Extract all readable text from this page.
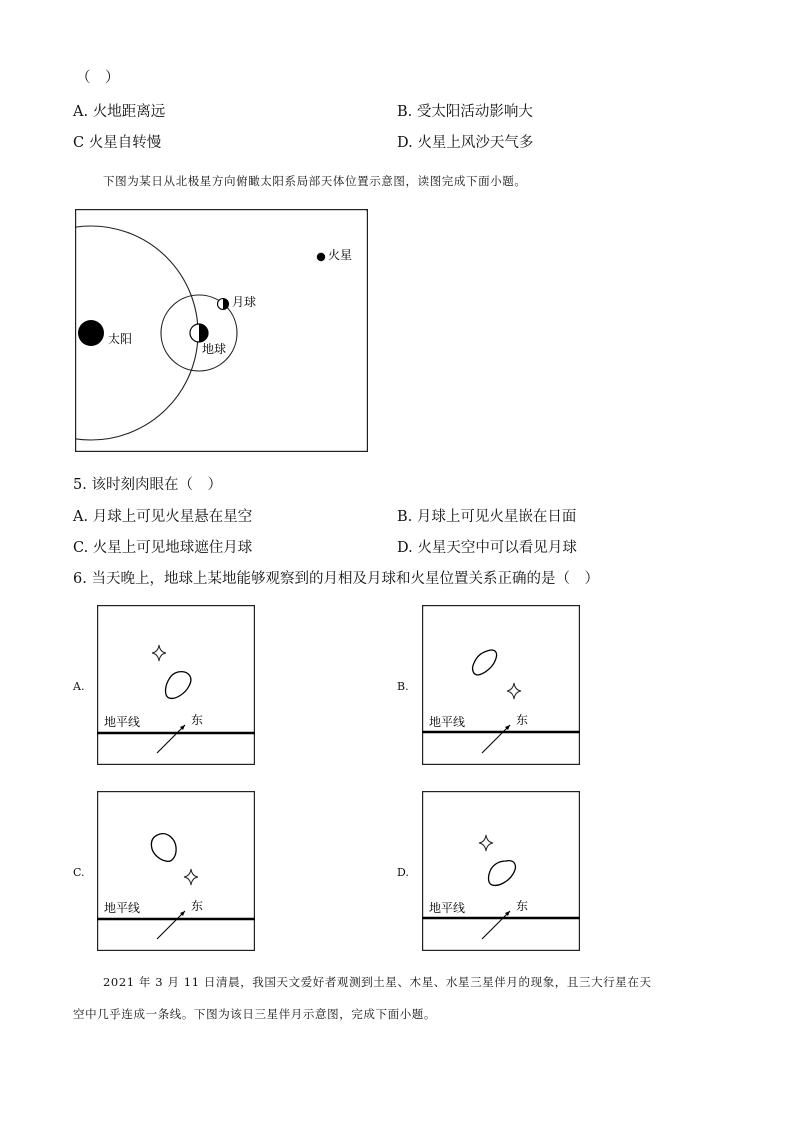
（　）
A. 火地距离远	B. 受太阳活动影响大
C 火星自转慢	D. 火星上风沙天气多
下图为某日从北极星方向俯瞰太阳系局部天体位置示意图，读图完成下面小题。
太阳
地球
月球
火星
5. 该时刻肉眼在（　）
A. 月球上可见火星悬在星空	B. 月球上可见火星嵌在日面
C. 火星上可见地球遮住月球	D. 火星天空中可以看见月球
6. 当天晚上，地球上某地能够观察到的月相及月球和火星位置关系正确的是（　）
A.
地平线	东
B.
地平线	东
C.
地平线	东
D.
地平线	东
2021 年 3 月 11 日清晨，我国天文爱好者观测到土星、木星、水星三星伴月的现象，且三大行星在天
空中几乎连成一条线。下图为该日三星伴月示意图，完成下面小题。
